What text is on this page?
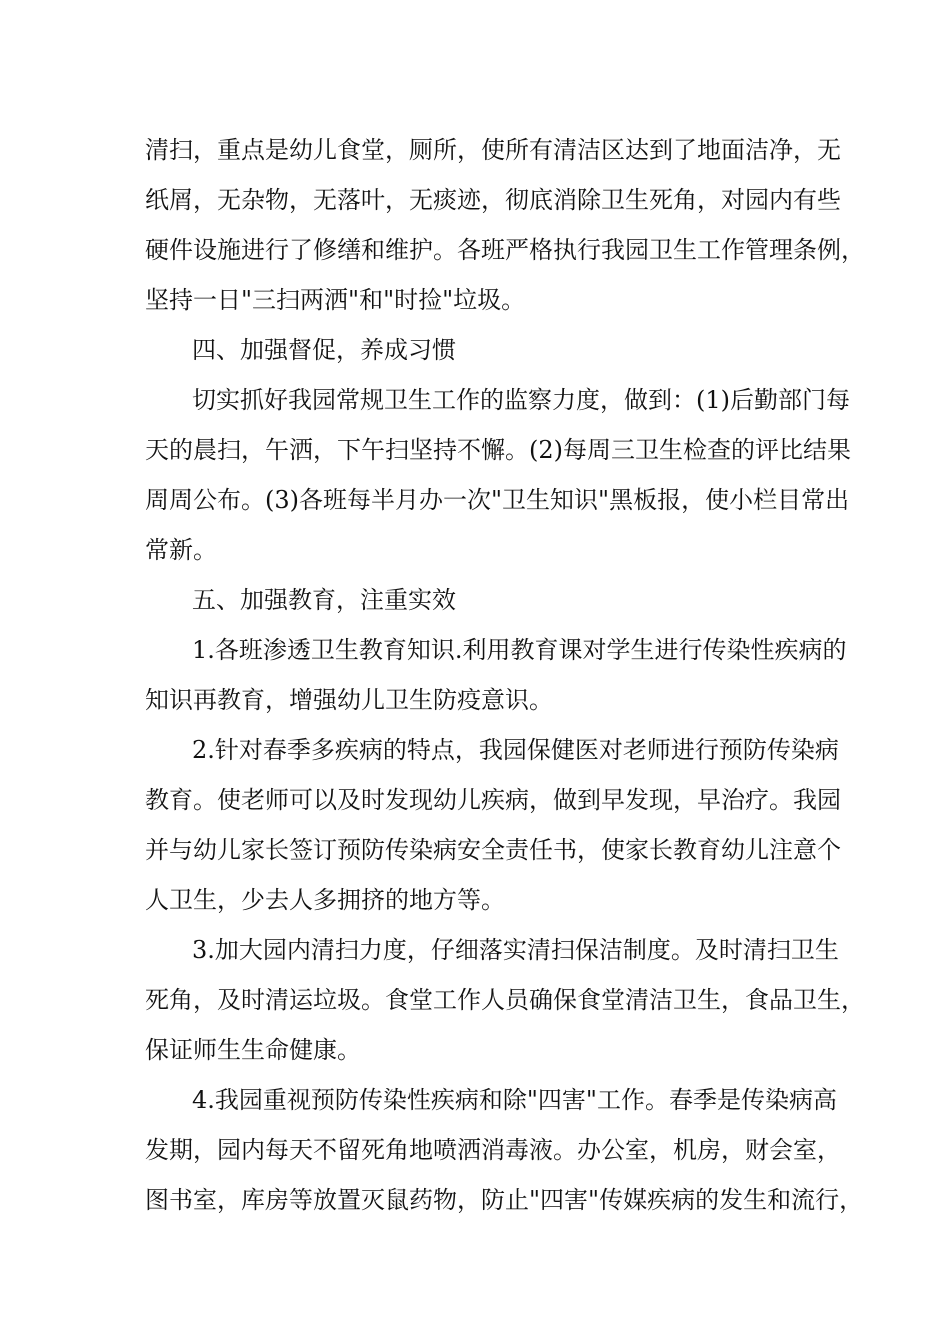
清扫，重点是幼儿食堂，厕所，使所有清洁区达到了地面洁净，无
纸屑，无杂物，无落叶，无痰迹，彻底消除卫生死角，对园内有些
硬件设施进行了修缮和维护。各班严格执行我园卫生工作管理条例，
坚持一日"三扫两洒"和"时捡"垃圾。
四、加强督促，养成习惯
切实抓好我园常规卫生工作的监察力度，做到：(1)后勤部门每
天的晨扫，午洒，下午扫坚持不懈。(2)每周三卫生检查的评比结果
周周公布。(3)各班每半月办一次"卫生知识"黑板报，使小栏目常出
常新。
五、加强教育，注重实效
1.各班渗透卫生教育知识.利用教育课对学生进行传染性疾病的
知识再教育，增强幼儿卫生防疫意识。
2.针对春季多疾病的特点，我园保健医对老师进行预防传染病
教育。使老师可以及时发现幼儿疾病，做到早发现，早治疗。我园
并与幼儿家长签订预防传染病安全责任书，使家长教育幼儿注意个
人卫生，少去人多拥挤的地方等。
3.加大园内清扫力度，仔细落实清扫保洁制度。及时清扫卫生
死角，及时清运垃圾。食堂工作人员确保食堂清洁卫生，食品卫生，
保证师生生命健康。
4.我园重视预防传染性疾病和除"四害"工作。春季是传染病高
发期，园内每天不留死角地喷洒消毒液。办公室，机房，财会室，
图书室，库房等放置灭鼠药物，防止"四害"传媒疾病的发生和流行，
